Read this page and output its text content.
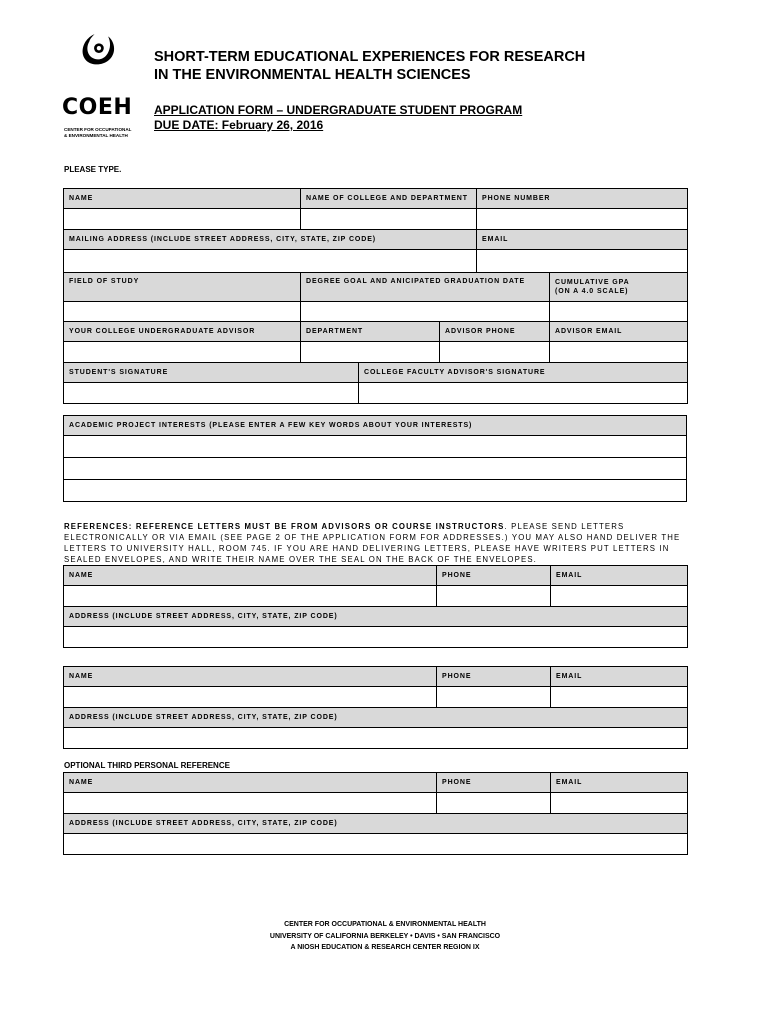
COEH
CENTER FOR OCCUPATIONAL
& ENVIRONMENTAL HEALTH
SHORT-TERM EDUCATIONAL EXPERIENCES FOR RESEARCH
IN THE ENVIRONMENTAL HEALTH SCIENCES
APPLICATION FORM – UNDERGRADUATE STUDENT PROGRAM
DUE DATE: February 26, 2016
PLEASE TYPE.
NAME	NAME OF COLLEGE AND DEPARTMENT		PHONE NUMBER	

MAILING ADDRESS (INCLUDE STREET ADDRESS, CITY, STATE, ZIP CODE)			EMAIL	

FIELD OF STUDY	DEGREE GOAL AND ANICIPATED GRADUATION DATE			CUMULATIVE GPA
(ON A 4.0 SCALE)

YOUR COLLEGE UNDERGRADUATE ADVISOR	DEPARTMENT	ADVISOR PHONE		ADVISOR EMAIL

STUDENT'S SIGNATURE	COLLEGE FACULTY ADVISOR'S SIGNATURE

ACADEMIC PROJECT INTERESTS (PLEASE ENTER A FEW KEY WORDS ABOUT YOUR INTERESTS)

REFERENCES: REFERENCE LETTERS MUST BE FROM ADVISORS OR COURSE INSTRUCTORS. PLEASE SEND LETTERS ELECTRONICALLY OR VIA EMAIL (SEE PAGE 2 OF THE APPLICATION FORM FOR ADDRESSES.) YOU MAY ALSO HAND DELIVER THE LETTERS TO UNIVERSITY HALL, ROOM 745. IF YOU ARE HAND DELIVERING LETTERS, PLEASE HAVE WRITERS PUT LETTERS IN SEALED ENVELOPES, AND WRITE THEIR NAME OVER THE SEAL ON THE BACK OF THE ENVELOPES.
NAME	PHONE	EMAIL

ADDRESS (INCLUDE STREET ADDRESS, CITY, STATE, ZIP CODE)		

NAME	PHONE	EMAIL

ADDRESS (INCLUDE STREET ADDRESS, CITY, STATE, ZIP CODE)		

OPTIONAL THIRD PERSONAL REFERENCE
NAME	PHONE	EMAIL

ADDRESS (INCLUDE STREET ADDRESS, CITY, STATE, ZIP CODE)		

CENTER FOR OCCUPATIONAL & ENVIRONMENTAL HEALTH
UNIVERSITY OF CALIFORNIA BERKELEY • DAVIS • SAN FRANCISCO
A NIOSH EDUCATION & RESEARCH CENTER REGION IX
